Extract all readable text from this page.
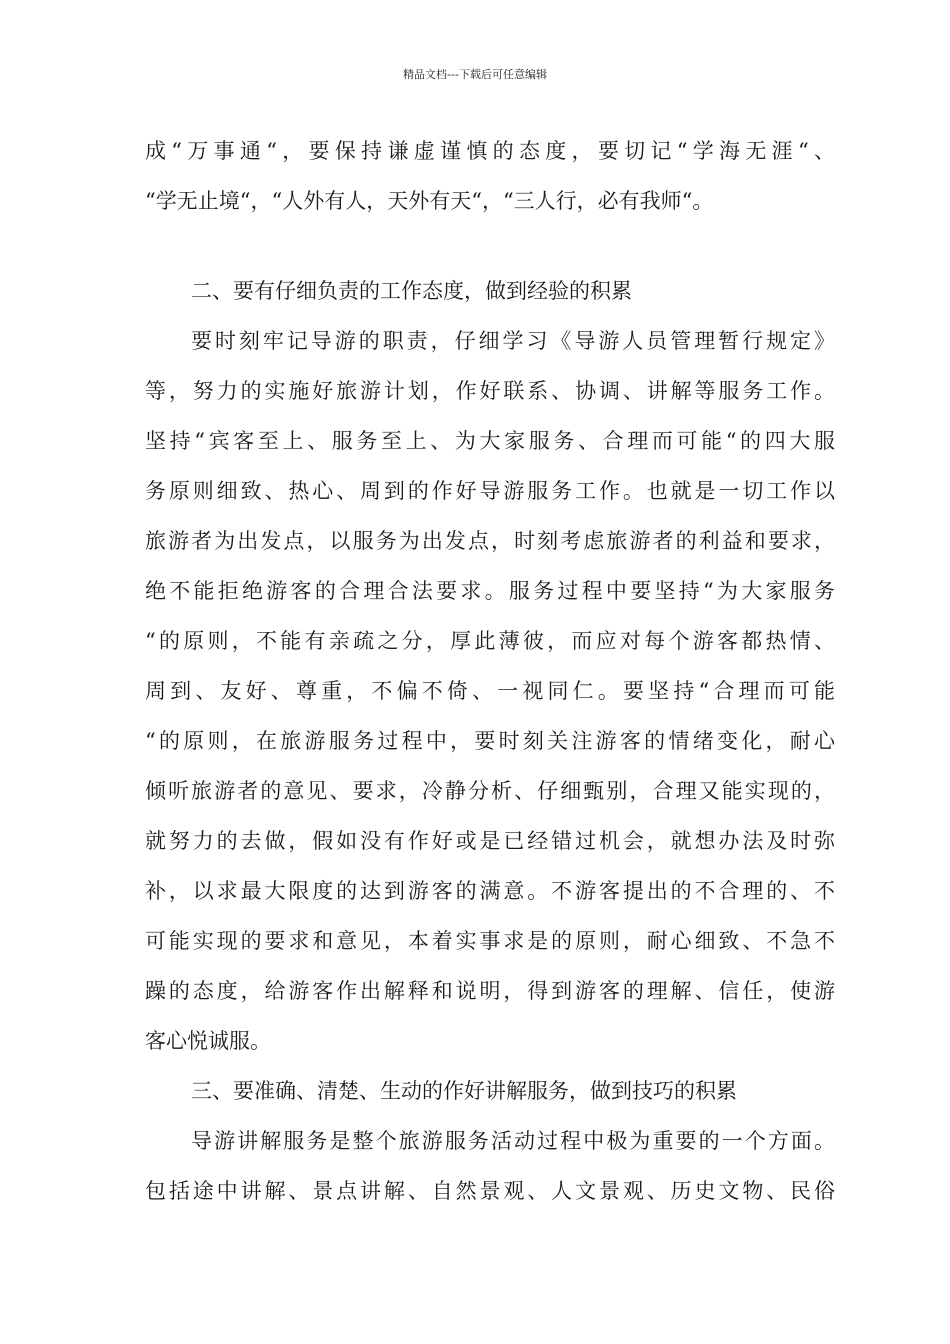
精品文档---下载后可任意编辑
成“万事通“，要保持谦虚谨慎的态度，要切记“学海无涯“、
“学无止境“，“人外有人，天外有天“，“三人行，必有我师“。
二、要有仔细负责的工作态度，做到经验的积累
要时刻牢记导游的职责，仔细学习《导游人员管理暂行规定》
等，努力的实施好旅游计划，作好联系、协调、讲解等服务工作。
坚持“宾客至上、服务至上、为大家服务、合理而可能“的四大服
务原则细致、热心、周到的作好导游服务工作。也就是一切工作以
旅游者为出发点，以服务为出发点，时刻考虑旅游者的利益和要求，
绝不能拒绝游客的合理合法要求。服务过程中要坚持“为大家服务
“的原则，不能有亲疏之分，厚此薄彼，而应对每个游客都热情、
周到、友好、尊重，不偏不倚、一视同仁。要坚持“合理而可能
“的原则，在旅游服务过程中，要时刻关注游客的情绪变化，耐心
倾听旅游者的意见、要求，冷静分析、仔细甄别，合理又能实现的，
就努力的去做，假如没有作好或是已经错过机会，就想办法及时弥
补，以求最大限度的达到游客的满意。不游客提出的不合理的、不
可能实现的要求和意见，本着实事求是的原则，耐心细致、不急不
躁的态度，给游客作出解释和说明，得到游客的理解、信任，使游
客心悦诚服。
三、要准确、清楚、生动的作好讲解服务，做到技巧的积累
导游讲解服务是整个旅游服务活动过程中极为重要的一个方面。
包括途中讲解、景点讲解、自然景观、人文景观、历史文物、民俗
